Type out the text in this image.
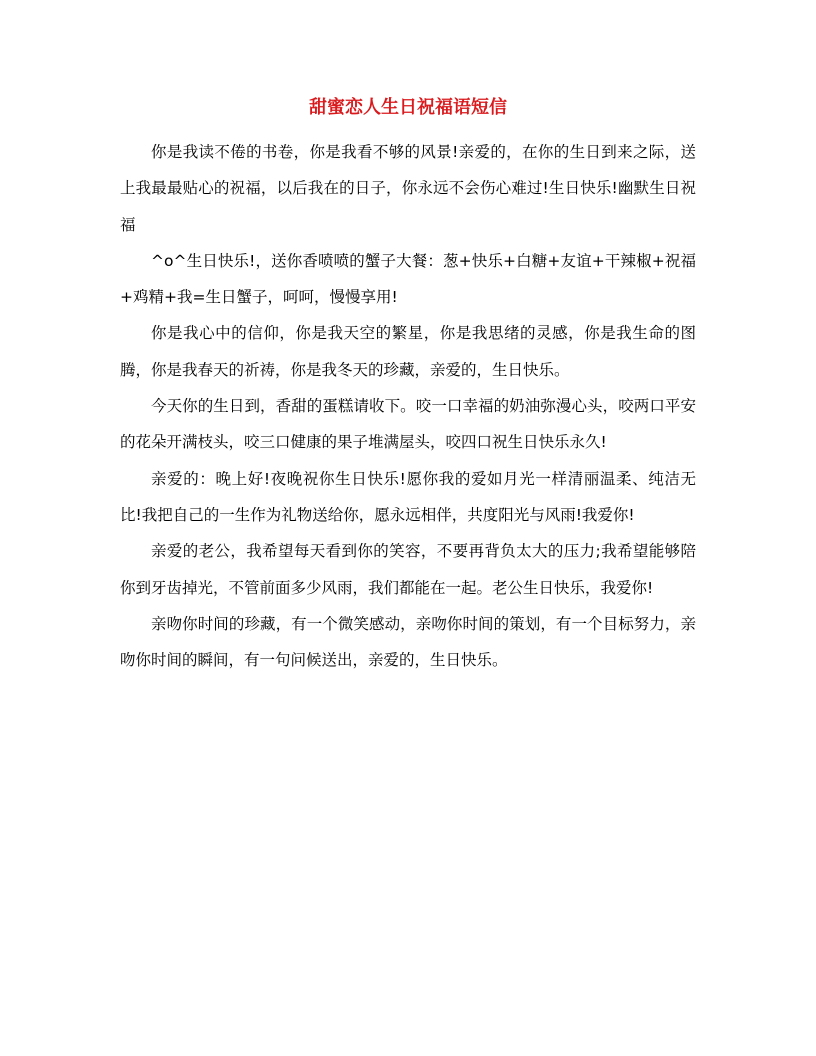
甜蜜恋人生日祝福语短信

你是我读不倦的书卷，你是我看不够的风景!亲爱的，在你的生日到来之际，送上我最最贴心的祝福，以后我在的日子，你永远不会伤心难过!生日快乐!幽默生日祝福

^o^生日快乐!，送你香喷喷的蟹子大餐：葱+快乐+白糖+友谊+干辣椒+祝福+鸡精+我=生日蟹子，呵呵，慢慢享用!

你是我心中的信仰，你是我天空的繁星，你是我思绪的灵感，你是我生命的图腾，你是我春天的祈祷，你是我冬天的珍藏，亲爱的，生日快乐。

今天你的生日到，香甜的蛋糕请收下。咬一口幸福的奶油弥漫心头，咬两口平安的花朵开满枝头，咬三口健康的果子堆满屋头，咬四口祝生日快乐永久!

亲爱的：晚上好!夜晚祝你生日快乐!愿你我的爱如月光一样清丽温柔、纯洁无比!我把自己的一生作为礼物送给你，愿永远相伴，共度阳光与风雨!我爱你!

亲爱的老公，我希望每天看到你的笑容，不要再背负太大的压力;我希望能够陪你到牙齿掉光，不管前面多少风雨，我们都能在一起。老公生日快乐，我爱你!

亲吻你时间的珍藏，有一个微笑感动，亲吻你时间的策划，有一个目标努力，亲吻你时间的瞬间，有一句问候送出，亲爱的，生日快乐。
